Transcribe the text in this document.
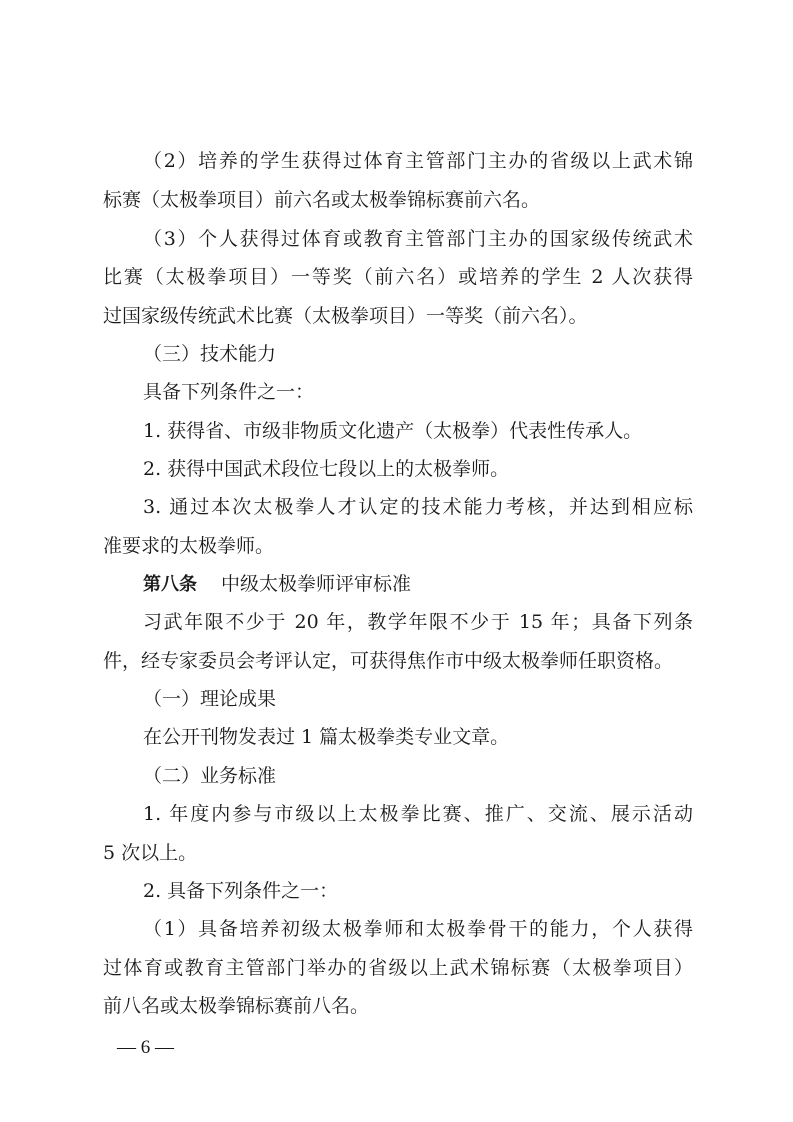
（2）培养的学生获得过体育主管部门主办的省级以上武术锦
标赛（太极拳项目）前六名或太极拳锦标赛前六名。
（3）个人获得过体育或教育主管部门主办的国家级传统武术
比赛（太极拳项目）一等奖（前六名）或培养的学生 2 人次获得
过国家级传统武术比赛（太极拳项目）一等奖（前六名）。
（三）技术能力
具备下列条件之一：
1. 获得省、市级非物质文化遗产（太极拳）代表性传承人。
2. 获得中国武术段位七段以上的太极拳师。
3. 通过本次太极拳人才认定的技术能力考核，并达到相应标
准要求的太极拳师。
第八条 中级太极拳师评审标准
习武年限不少于 20 年，教学年限不少于 15 年；具备下列条
件，经专家委员会考评认定，可获得焦作市中级太极拳师任职资格。
（一）理论成果
在公开刊物发表过 1 篇太极拳类专业文章。
（二）业务标准
1. 年度内参与市级以上太极拳比赛、推广、交流、展示活动
5 次以上。
2. 具备下列条件之一：
（1）具备培养初级太极拳师和太极拳骨干的能力，个人获得
过体育或教育主管部门举办的省级以上武术锦标赛（太极拳项目）
前八名或太极拳锦标赛前八名。
— 6 —
